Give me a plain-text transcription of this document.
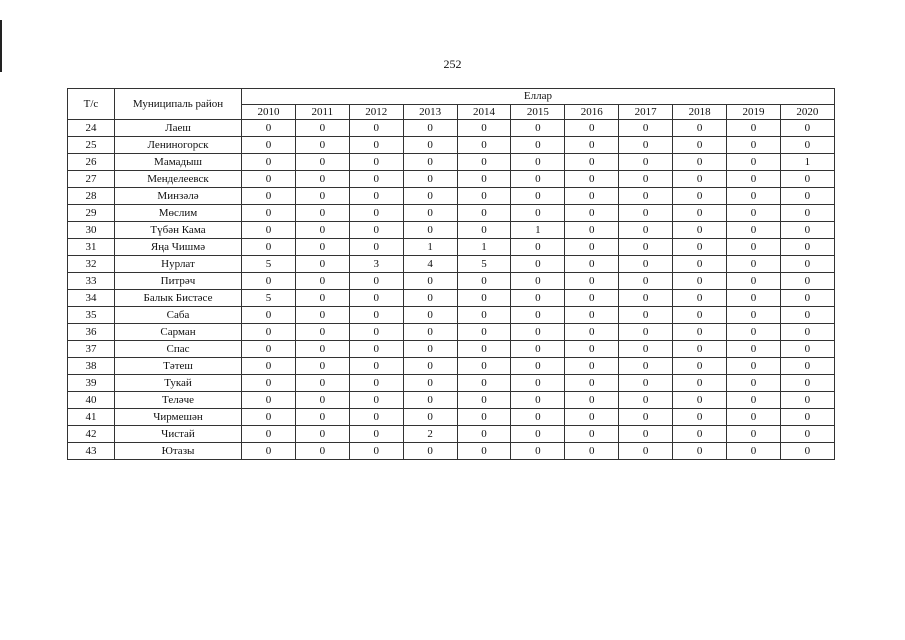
252
Т/с	Муниципаль район	Еллар										
		2010	2011	2012	2013	2014	2015	2016	2017	2018	2019	2020
24	Лаеш	0	0	0	0	0	0	0	0	0	0	0
25	Лениногорск	0	0	0	0	0	0	0	0	0	0	0
26	Мамадыш	0	0	0	0	0	0	0	0	0	0	1
27	Менделеевск	0	0	0	0	0	0	0	0	0	0	0
28	Минзәлә	0	0	0	0	0	0	0	0	0	0	0
29	Мөслим	0	0	0	0	0	0	0	0	0	0	0
30	Түбән Кама	0	0	0	0	0	1	0	0	0	0	0
31	Яңа Чишмә	0	0	0	1	1	0	0	0	0	0	0
32	Нурлат	5	0	3	4	5	0	0	0	0	0	0
33	Питрәч	0	0	0	0	0	0	0	0	0	0	0
34	Балык Бистәсе	5	0	0	0	0	0	0	0	0	0	0
35	Саба	0	0	0	0	0	0	0	0	0	0	0
36	Сарман	0	0	0	0	0	0	0	0	0	0	0
37	Спас	0	0	0	0	0	0	0	0	0	0	0
38	Тәтеш	0	0	0	0	0	0	0	0	0	0	0
39	Тукай	0	0	0	0	0	0	0	0	0	0	0
40	Теләче	0	0	0	0	0	0	0	0	0	0	0
41	Чирмешән	0	0	0	0	0	0	0	0	0	0	0
42	Чистай	0	0	0	2	0	0	0	0	0	0	0
43	Ютазы	0	0	0	0	0	0	0	0	0	0	0
